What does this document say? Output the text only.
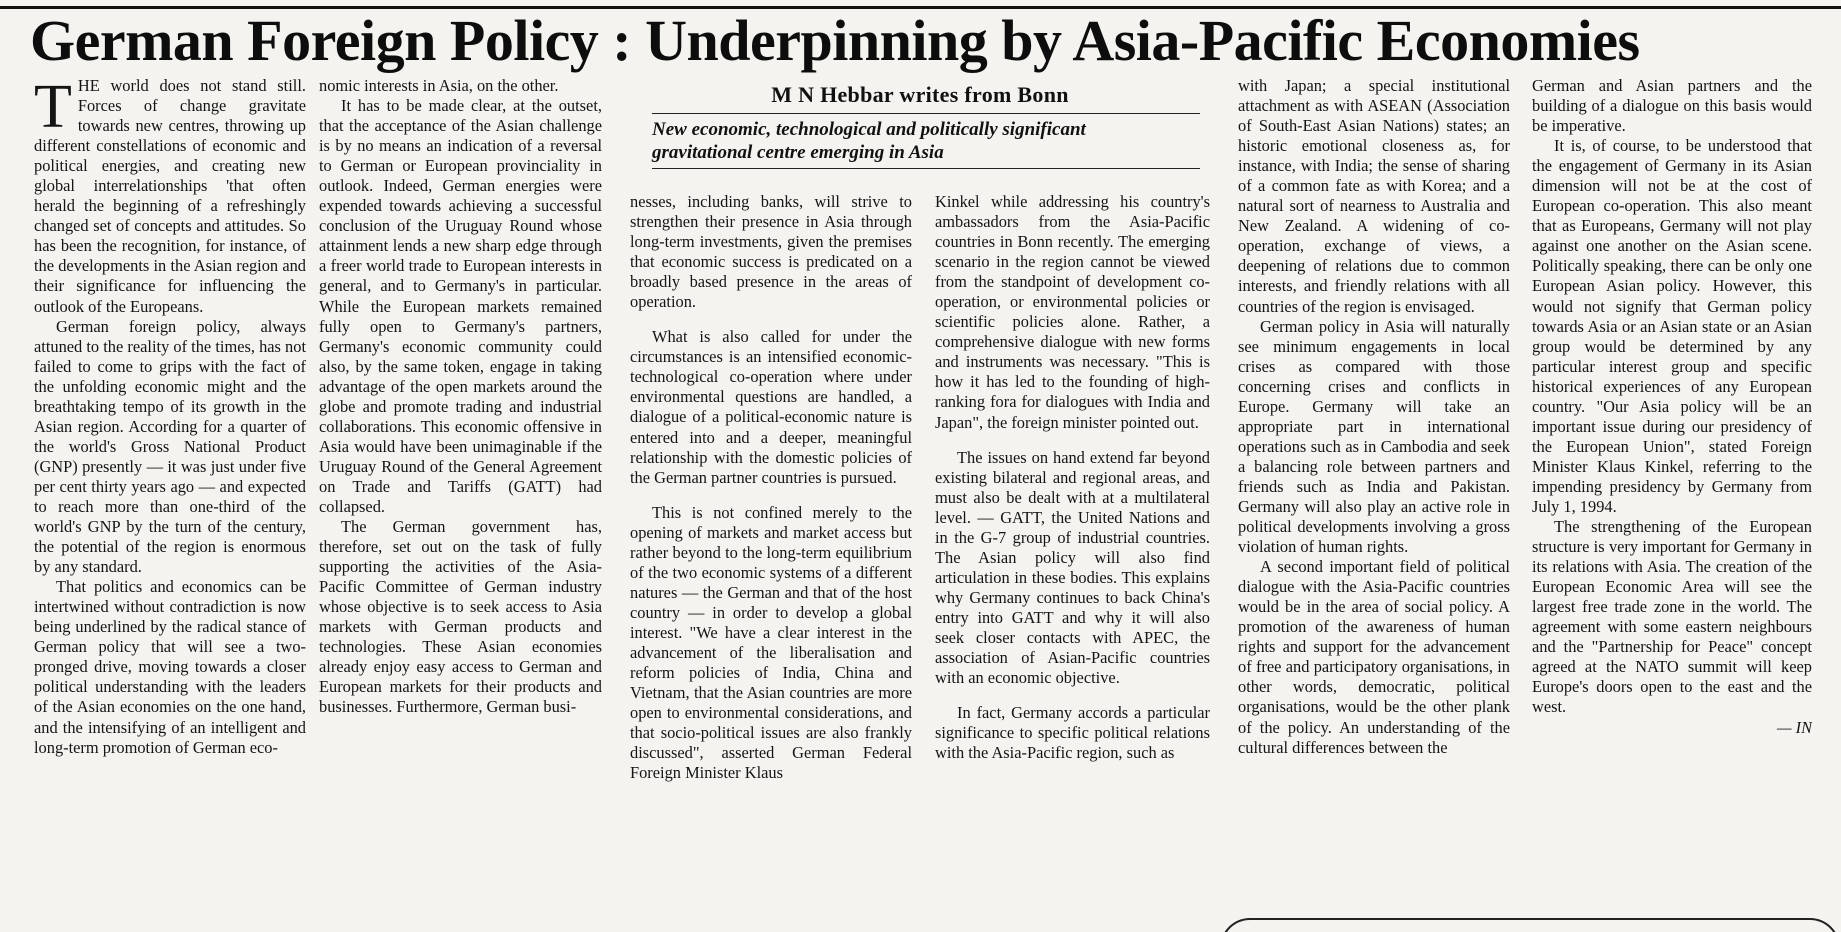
German Foreign Policy : Underpinning by Asia-Pacific Economies
M N Hebbar writes from Bonn
New economic, technological and politically significant gravitational centre emerging in Asia

THE world does not stand still. Forces of change gravitate towards new centres, throwing up different constellations of economic and political energies, and creating new global interrelationships 'that often herald the beginning of a refreshingly changed set of concepts and attitudes. So has been the recognition, for instance, of the developments in the Asian region and their significance for influencing the outlook of the Europeans.

German foreign policy, always attuned to the reality of the times, has not failed to come to grips with the fact of the unfolding economic might and the breathtaking tempo of its growth in the Asian region. According for a quarter of the world's Gross National Product (GNP) presently — it was just under five per cent thirty years ago — and expected to reach more than one-third of the world's GNP by the turn of the century, the potential of the region is enormous by any standard.

That politics and economics can be intertwined without contradiction is now being underlined by the radical stance of German policy that will see a two-pronged drive, moving towards a closer political understanding with the leaders of the Asian economies on the one hand, and the intensifying of an intelligent and long-term promotion of German eco-

nomic interests in Asia, on the other.

It has to be made clear, at the outset, that the acceptance of the Asian challenge is by no means an indication of a reversal to German or European provinciality in outlook. Indeed, German energies were expended towards achieving a successful conclusion of the Uruguay Round whose attainment lends a new sharp edge through a freer world trade to European interests in general, and to Germany's in particular. While the European markets remained fully open to Germany's partners, Germany's economic community could also, by the same token, engage in taking advantage of the open markets around the globe and promote trading and industrial collaborations. This economic offensive in Asia would have been unimaginable if the Uruguay Round of the General Agreement on Trade and Tariffs (GATT) had collapsed.

The German government has, therefore, set out on the task of fully supporting the activities of the Asia-Pacific Committee of German industry whose objective is to seek access to Asia markets with German products and technologies. These Asian economies already enjoy easy access to German and European markets for their products and businesses. Furthermore, German busi-

nesses, including banks, will strive to strengthen their presence in Asia through long-term investments, given the premises that economic success is predicated on a broadly based presence in the areas of operation.

What is also called for under the circumstances is an intensified economic-technological co-operation where under environmental questions are handled, a dialogue of a political-economic nature is entered into and a deeper, meaningful relationship with the domestic policies of the German partner countries is pursued.

This is not confined merely to the opening of markets and market access but rather beyond to the long-term equilibrium of the two economic systems of a different natures — the German and that of the host country — in order to develop a global interest. "We have a clear interest in the advancement of the liberalisation and reform policies of India, China and Vietnam, that the Asian countries are more open to environmental considerations, and that socio-political issues are also frankly discussed", asserted German Federal Foreign Minister Klaus

Kinkel while addressing his country's ambassadors from the Asia-Pacific countries in Bonn recently. The emerging scenario in the region cannot be viewed from the standpoint of development co-operation, or environmental policies or scientific policies alone. Rather, a comprehensive dialogue with new forms and instruments was necessary. "This is how it has led to the founding of high-ranking fora for dialogues with India and Japan", the foreign minister pointed out.

The issues on hand extend far beyond existing bilateral and regional areas, and must also be dealt with at a multilateral level. — GATT, the United Nations and in the G-7 group of industrial countries. The Asian policy will also find articulation in these bodies. This explains why Germany continues to back China's entry into GATT and why it will also seek closer contacts with APEC, the association of Asian-Pacific countries with an economic objective.

In fact, Germany accords a particular significance to specific political relations with the Asia-Pacific region, such as

with Japan; a special institutional attachment as with ASEAN (Association of South-East Asian Nations) states; an historic emotional closeness as, for instance, with India; the sense of sharing of a common fate as with Korea; and a natural sort of nearness to Australia and New Zealand. A widening of co-operation, exchange of views, a deepening of relations due to common interests, and friendly relations with all countries of the region is envisaged.

German policy in Asia will naturally see minimum engagements in local crises as compared with those concerning crises and conflicts in Europe. Germany will take an appropriate part in international operations such as in Cambodia and seek a balancing role between partners and friends such as India and Pakistan. Germany will also play an active role in political developments involving a gross violation of human rights.

A second important field of political dialogue with the Asia-Pacific countries would be in the area of social policy. A promotion of the awareness of human rights and support for the advancement of free and participatory organisations, in other words, democratic, political organisations, would be the other plank of the policy. An understanding of the cultural differences between the

German and Asian partners and the building of a dialogue on this basis would be imperative.

It is, of course, to be understood that the engagement of Germany in its Asian dimension will not be at the cost of European co-operation. This also meant that as Europeans, Germany will not play against one another on the Asian scene. Politically speaking, there can be only one European Asian policy. However, this would not signify that German policy towards Asia or an Asian state or an Asian group would be determined by any particular interest group and specific historical experiences of any European country. "Our Asia policy will be an important issue during our presidency of the European Union", stated Foreign Minister Klaus Kinkel, referring to the impending presidency by Germany from July 1, 1994.

The strengthening of the European structure is very important for Germany in its relations with Asia. The creation of the European Economic Area will see the largest free trade zone in the world. The agreement with some eastern neighbours and the "Partnership for Peace" concept agreed at the NATO summit will keep Europe's doors open to the east and the west.

— IN
